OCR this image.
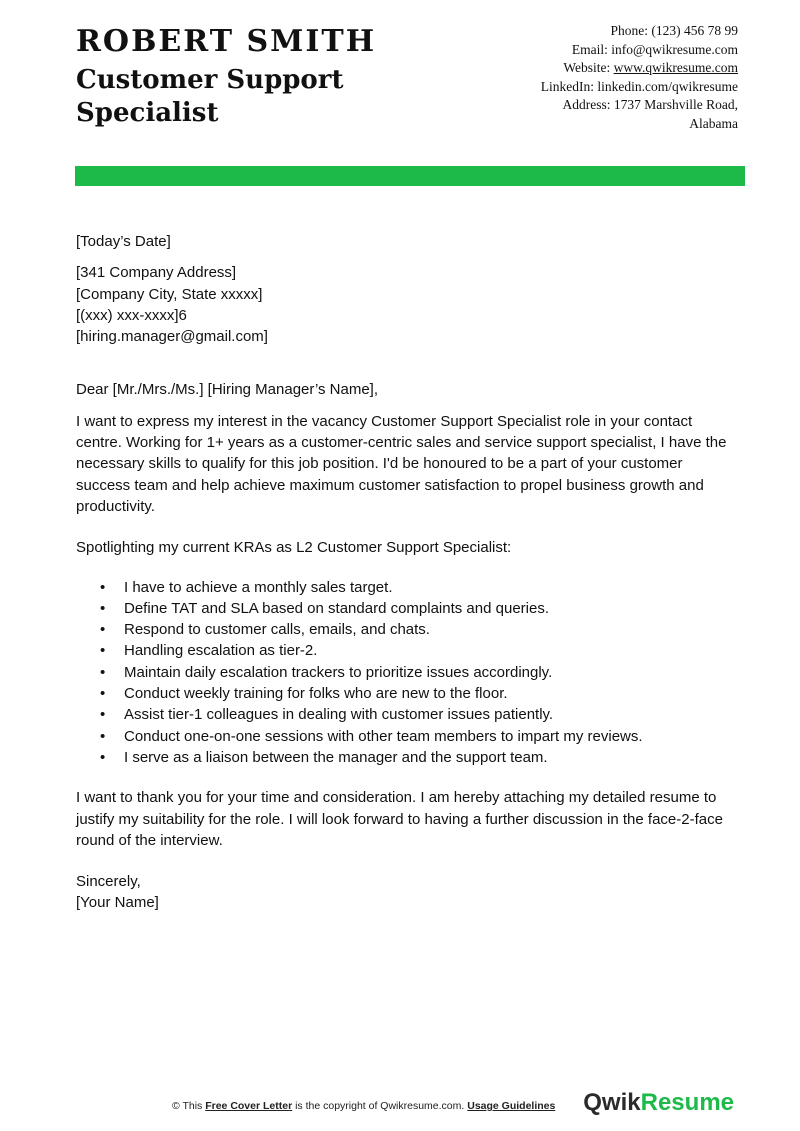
ROBERT SMITH
Customer Support Specialist
Phone: (123) 456 78 99
Email: info@qwikresume.com
Website: www.qwikresume.com
LinkedIn: linkedin.com/qwikresume
Address: 1737 Marshville Road,
Alabama

[Today’s Date]

[341 Company Address]
[Company City, State xxxxx]
[(xxx) xxx-xxxx]6
[hiring.manager@gmail.com]

Dear [Mr./Mrs./Ms.] [Hiring Manager’s Name],

I want to express my interest in the vacancy Customer Support Specialist role in your contact centre. Working for 1+ years as a customer-centric sales and service support specialist, I have the necessary skills to qualify for this job position. I'd be honoured to be a part of your customer success team and help achieve maximum customer satisfaction to propel business growth and productivity.

Spotlighting my current KRAs as L2 Customer Support Specialist:

• I have to achieve a monthly sales target.
• Define TAT and SLA based on standard complaints and queries.
• Respond to customer calls, emails, and chats.
• Handling escalation as tier-2.
• Maintain daily escalation trackers to prioritize issues accordingly.
• Conduct weekly training for folks who are new to the floor.
• Assist tier-1 colleagues in dealing with customer issues patiently.
• Conduct one-on-one sessions with other team members to impart my reviews.
• I serve as a liaison between the manager and the support team.

I want to thank you for your time and consideration. I am hereby attaching my detailed resume to justify my suitability for the role. I will look forward to having a further discussion in the face-2-face round of the interview.

Sincerely,
[Your Name]

© This Free Cover Letter is the copyright of Qwikresume.com. Usage Guidelines QwikResume
